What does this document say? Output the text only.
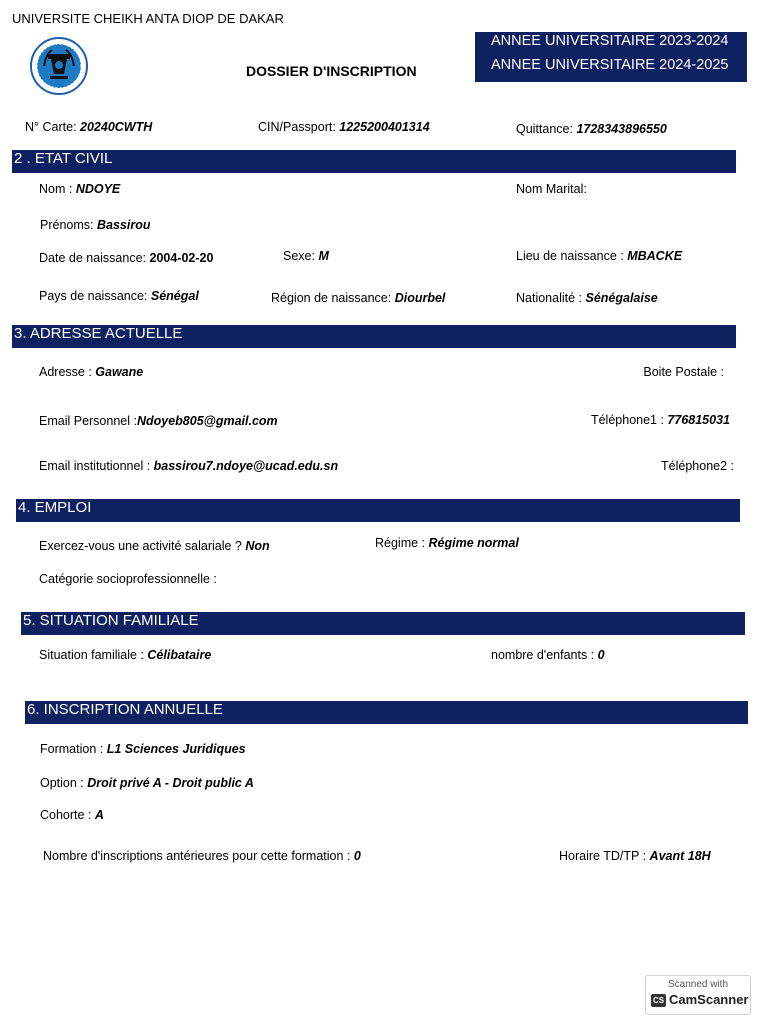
UNIVERSITE CHEIKH ANTA DIOP DE DAKAR
DOSSIER D'INSCRIPTION
ANNEE UNIVERSITAIRE 2023-2024
ANNEE UNIVERSITAIRE 2024-2025
N° Carte: 20240CWTH	CIN/Passport: 1225200401314	Quittance: 1728343896550
2 . ETAT CIVIL
Nom : NDOYE	Nom Marital:
Prénoms: Bassirou
Date de naissance: 2004-02-20	Sexe: M	Lieu de naissance : MBACKE
Pays de naissance: Sénégal	Région de naissance: Diourbel	Nationalité : Sénégalaise
3. ADRESSE ACTUELLE
Adresse : Gawane	Boite Postale :
Email Personnel :Ndoyeb805@gmail.com	Téléphone1 : 776815031
Email institutionnel : bassirou7.ndoye@ucad.edu.sn	Téléphone2 :
4. EMPLOI
Exercez-vous une activité salariale ? Non	Régime : Régime normal
Catégorie socioprofessionnelle :
5. SITUATION FAMILIALE
Situation familiale : Célibataire	nombre d'enfants : 0
6. INSCRIPTION ANNUELLE
Formation : L1 Sciences Juridiques
Option : Droit privé A - Droit public A
Cohorte : A
Nombre d'inscriptions antérieures pour cette formation : 0	Horaire TD/TP : Avant 18H
Scanned with
CS CamScanner
